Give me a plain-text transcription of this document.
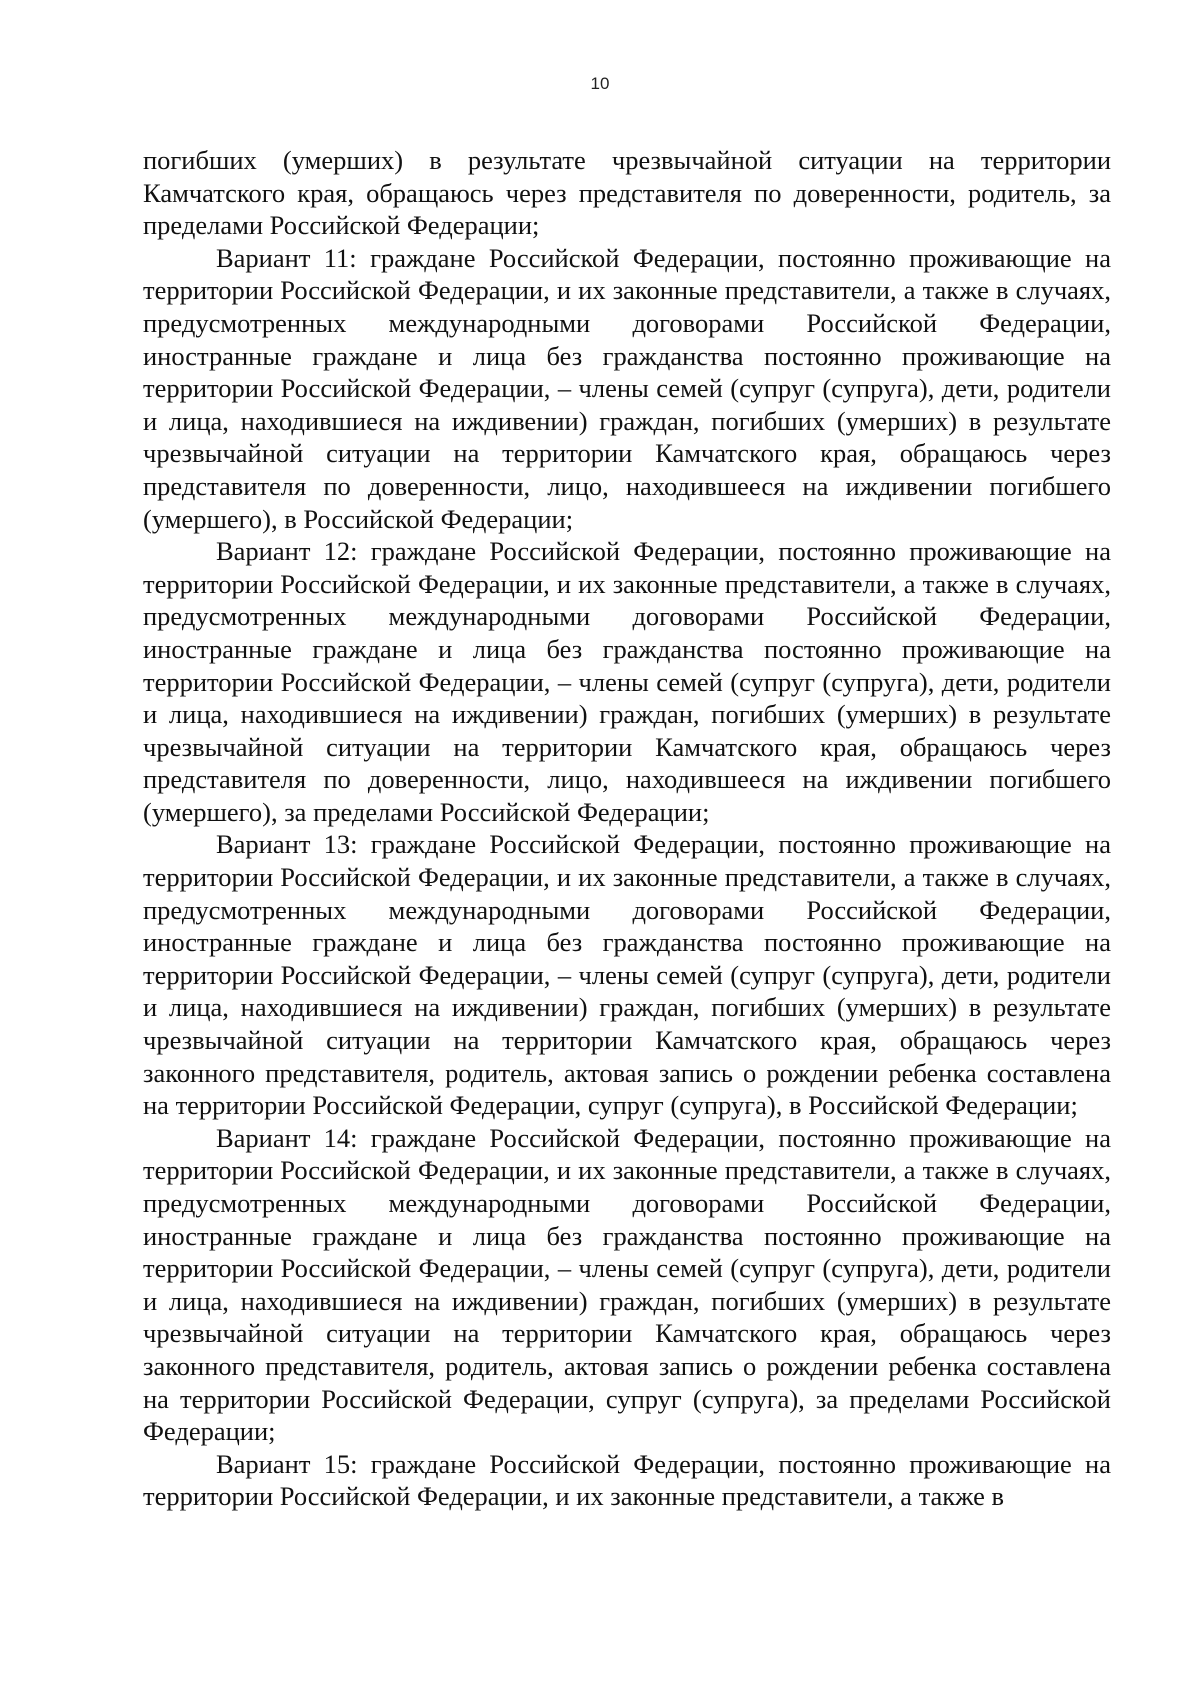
10

погибших (умерших) в результате чрезвычайной ситуации на территории Камчатского края, обращаюсь через представителя по доверенности, родитель, за пределами Российской Федерации;

Вариант 11: граждане Российской Федерации, постоянно проживающие на территории Российской Федерации, и их законные представители, а также в случаях, предусмотренных международными договорами Российской Федерации, иностранные граждане и лица без гражданства постоянно проживающие на территории Российской Федерации, – члены семей (супруг (супруга), дети, родители и лица, находившиеся на иждивении) граждан, погибших (умерших) в результате чрезвычайной ситуации на территории Камчатского края, обращаюсь через представителя по доверенности, лицо, находившееся на иждивении погибшего (умершего), в Российской Федерации;

Вариант 12: граждане Российской Федерации, постоянно проживающие на территории Российской Федерации, и их законные представители, а также в случаях, предусмотренных международными договорами Российской Федерации, иностранные граждане и лица без гражданства постоянно проживающие на территории Российской Федерации, – члены семей (супруг (супруга), дети, родители и лица, находившиеся на иждивении) граждан, погибших (умерших) в результате чрезвычайной ситуации на территории Камчатского края, обращаюсь через представителя по доверенности, лицо, находившееся на иждивении погибшего (умершего), за пределами Российской Федерации;

Вариант 13: граждане Российской Федерации, постоянно проживающие на территории Российской Федерации, и их законные представители, а также в случаях, предусмотренных международными договорами Российской Федерации, иностранные граждане и лица без гражданства постоянно проживающие на территории Российской Федерации, – члены семей (супруг (супруга), дети, родители и лица, находившиеся на иждивении) граждан, погибших (умерших) в результате чрезвычайной ситуации на территории Камчатского края, обращаюсь через законного представителя, родитель, актовая запись о рождении ребенка составлена на территории Российской Федерации, супруг (супруга), в Российской Федерации;

Вариант 14: граждане Российской Федерации, постоянно проживающие на территории Российской Федерации, и их законные представители, а также в случаях, предусмотренных международными договорами Российской Федерации, иностранные граждане и лица без гражданства постоянно проживающие на территории Российской Федерации, – члены семей (супруг (супруга), дети, родители и лица, находившиеся на иждивении) граждан, погибших (умерших) в результате чрезвычайной ситуации на территории Камчатского края, обращаюсь через законного представителя, родитель, актовая запись о рождении ребенка составлена на территории Российской Федерации, супруг (супруга), за пределами Российской Федерации;

Вариант 15: граждане Российской Федерации, постоянно проживающие на территории Российской Федерации, и их законные представители, а также в
